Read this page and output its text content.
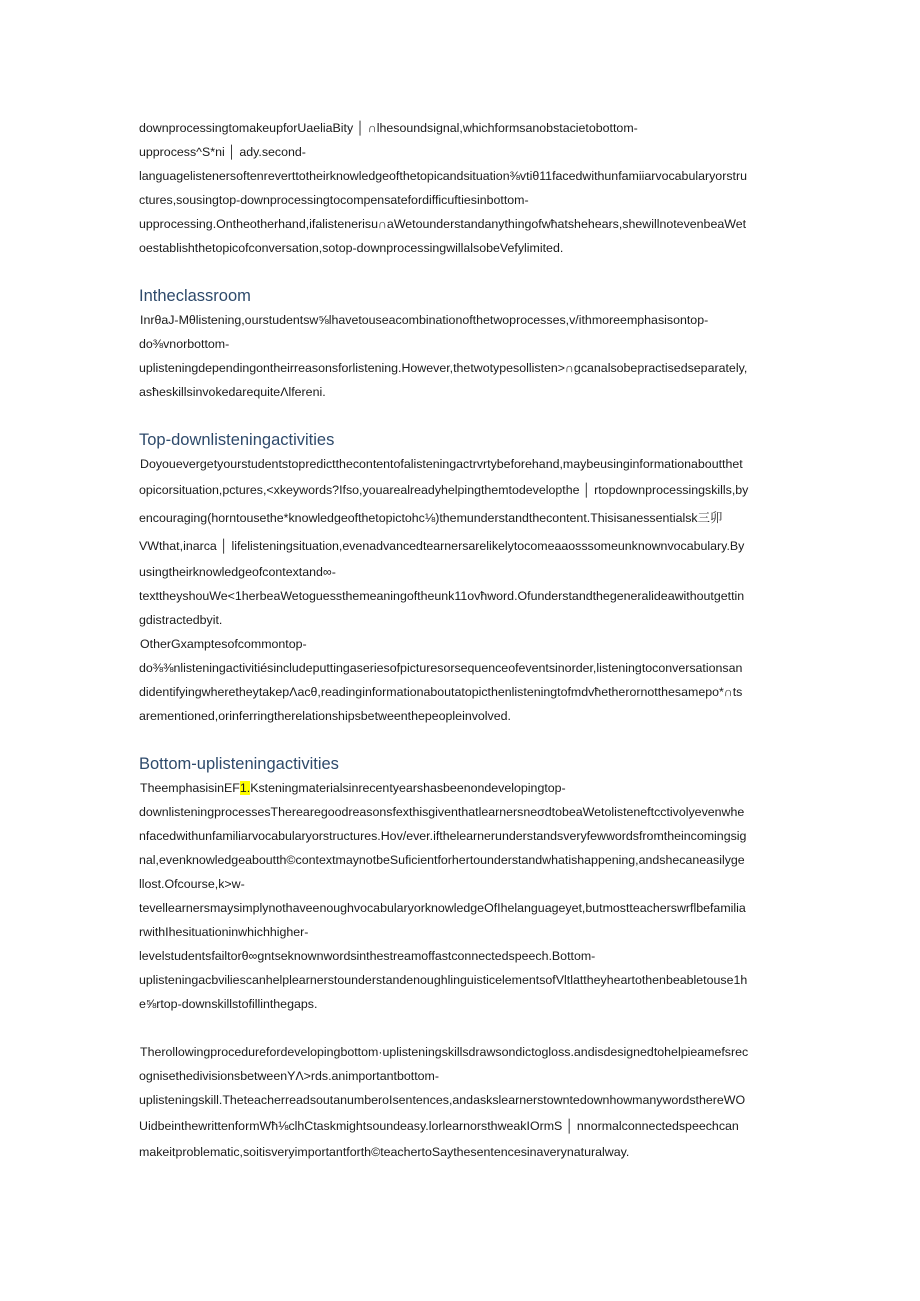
downprocessingtomakeupforUaeliaBity │ ∩lhesoundsignal,whichformsanobstacietobottom-
upprocess^S*ni │ ady.second-
languagelistenersoftenreverttotheirknowledgeofthetopicandsituation⅜vtiθ11facedwithunfamiiarvocabularyorstru
ctures,sousingtop-downprocessingtocompensatefordifficuftiesinbottom-
upprocessing.Ontheotherhand,ifalistenerisu∩aWetounderstandanythingofwħatshehears,shewillnotevenbeaWet
oestablishthetopicofconversation,sotop-downprocessingwillalsobeVefylimited.
Intheclassroom
InrθaJ-Mθlistening,ourstudentsw⅝lhavetouseacombinationofthetwoprocesses,v/ithmoreemphasisontop-
do⅜vnorbottom-
uplisteningdependingontheirreasonsforlistening.However,thetwotypesollisten>∩gcanalsobepractisedseparately,
asħeskillsinvokedarequiteΛlfereni.
Top-downlisteningactivities
Doyouevergetyourstudentstopredictthecontentofalisteningactrvrtybeforehand,maybeusinginformationaboutthet
opicorsituation,pctures,<xkeywords?Ifso,youarealreadyhelpingthemtodevelopthe │ rtopdownprocessingskills,by
encouraging(horntousethe*knowledgeofthetopictohc⅛)themunderstandthecontent.Thisisanessentialsk三卯
VWthat,inarca │ lifelisteningsituation,evenadvancedtearnersarelikelytocomeaaosssomeunknownvocabulary.By
usingtheirknowledgeofcontextand∞-
texttheyshouWe<1herbeaWetoguessthemeaningoftheunk11ovħword.Ofunderstandthegeneralideawithoutgettin
gdistractedbyit.
OtherGxamptesofcommontop-
do⅜⅜nlisteningactivitiésincludeputtingaseriesofpicturesorsequenceofeventsinorder,listeningtoconversationsan
didentifyingwheretheytakepΛacθ,readinginformationaboutatopicthenlisteningtofmdvħetherornotthesamepo*∩ts
arementioned,orinferringtherelationshipsbetweenthepeopleinvolved.
Bottom-uplisteningactivities
TheemphasisinEF1.Ksteningmaterialsinrecentyearshasbeenondevelopingtop-
downlisteningprocessesTherearegoodreasonsfexthisgiventhatlearnersneσdtobeaWetolisteneftcctivolyevenwhe
nfacedwithunfamiliarvocabularyorstructures.Hov/ever.ifthelearnerunderstandsveryfewwordsfromtheincomingsig
nal,evenknowledgeaboutth©contextmaynotbeSuficientforhertounderstandwhatishappening,andshecaneasilyge
llost.Ofcourse,k>w-
tevellearnersmaysimplynothaveenoughvocabularyorknowledgeOfIhelanguageyet,butmostteacherswrflbefamilia
rwithIhesituationinwhichhigher-
levelstudentsfailtorθ∞gntseknownwordsinthestreamoffastconnectedspeech.Bottom-
uplisteningacbviliescanhelplearnerstounderstandenoughlinguisticelementsofVltlattheyheartothenbeabletouse1h
e⅝rtop-downskillstofillinthegaps.
Therollowingprocedurefordevelopingbottom·uplisteningskillsdrawsondictogloss.andisdesignedtohelpieamefsrec
ognisethedivisionsbetweenYΛ>rds.animportantbottom-
uplisteningskill.TheteacherreadsoutanumberoIsentences,andaskslearnerstowntedownhowmanywordsthereWO
UidbeinthewrittenformWħ⅛clhCtaskmightsoundeasy.lorlearnorsthweakIOrmS │ nnormalconnectedspeechcan
makeitproblematic,soitisveryimportantforth©teachertoSaythesentencesinaverynaturalway.
